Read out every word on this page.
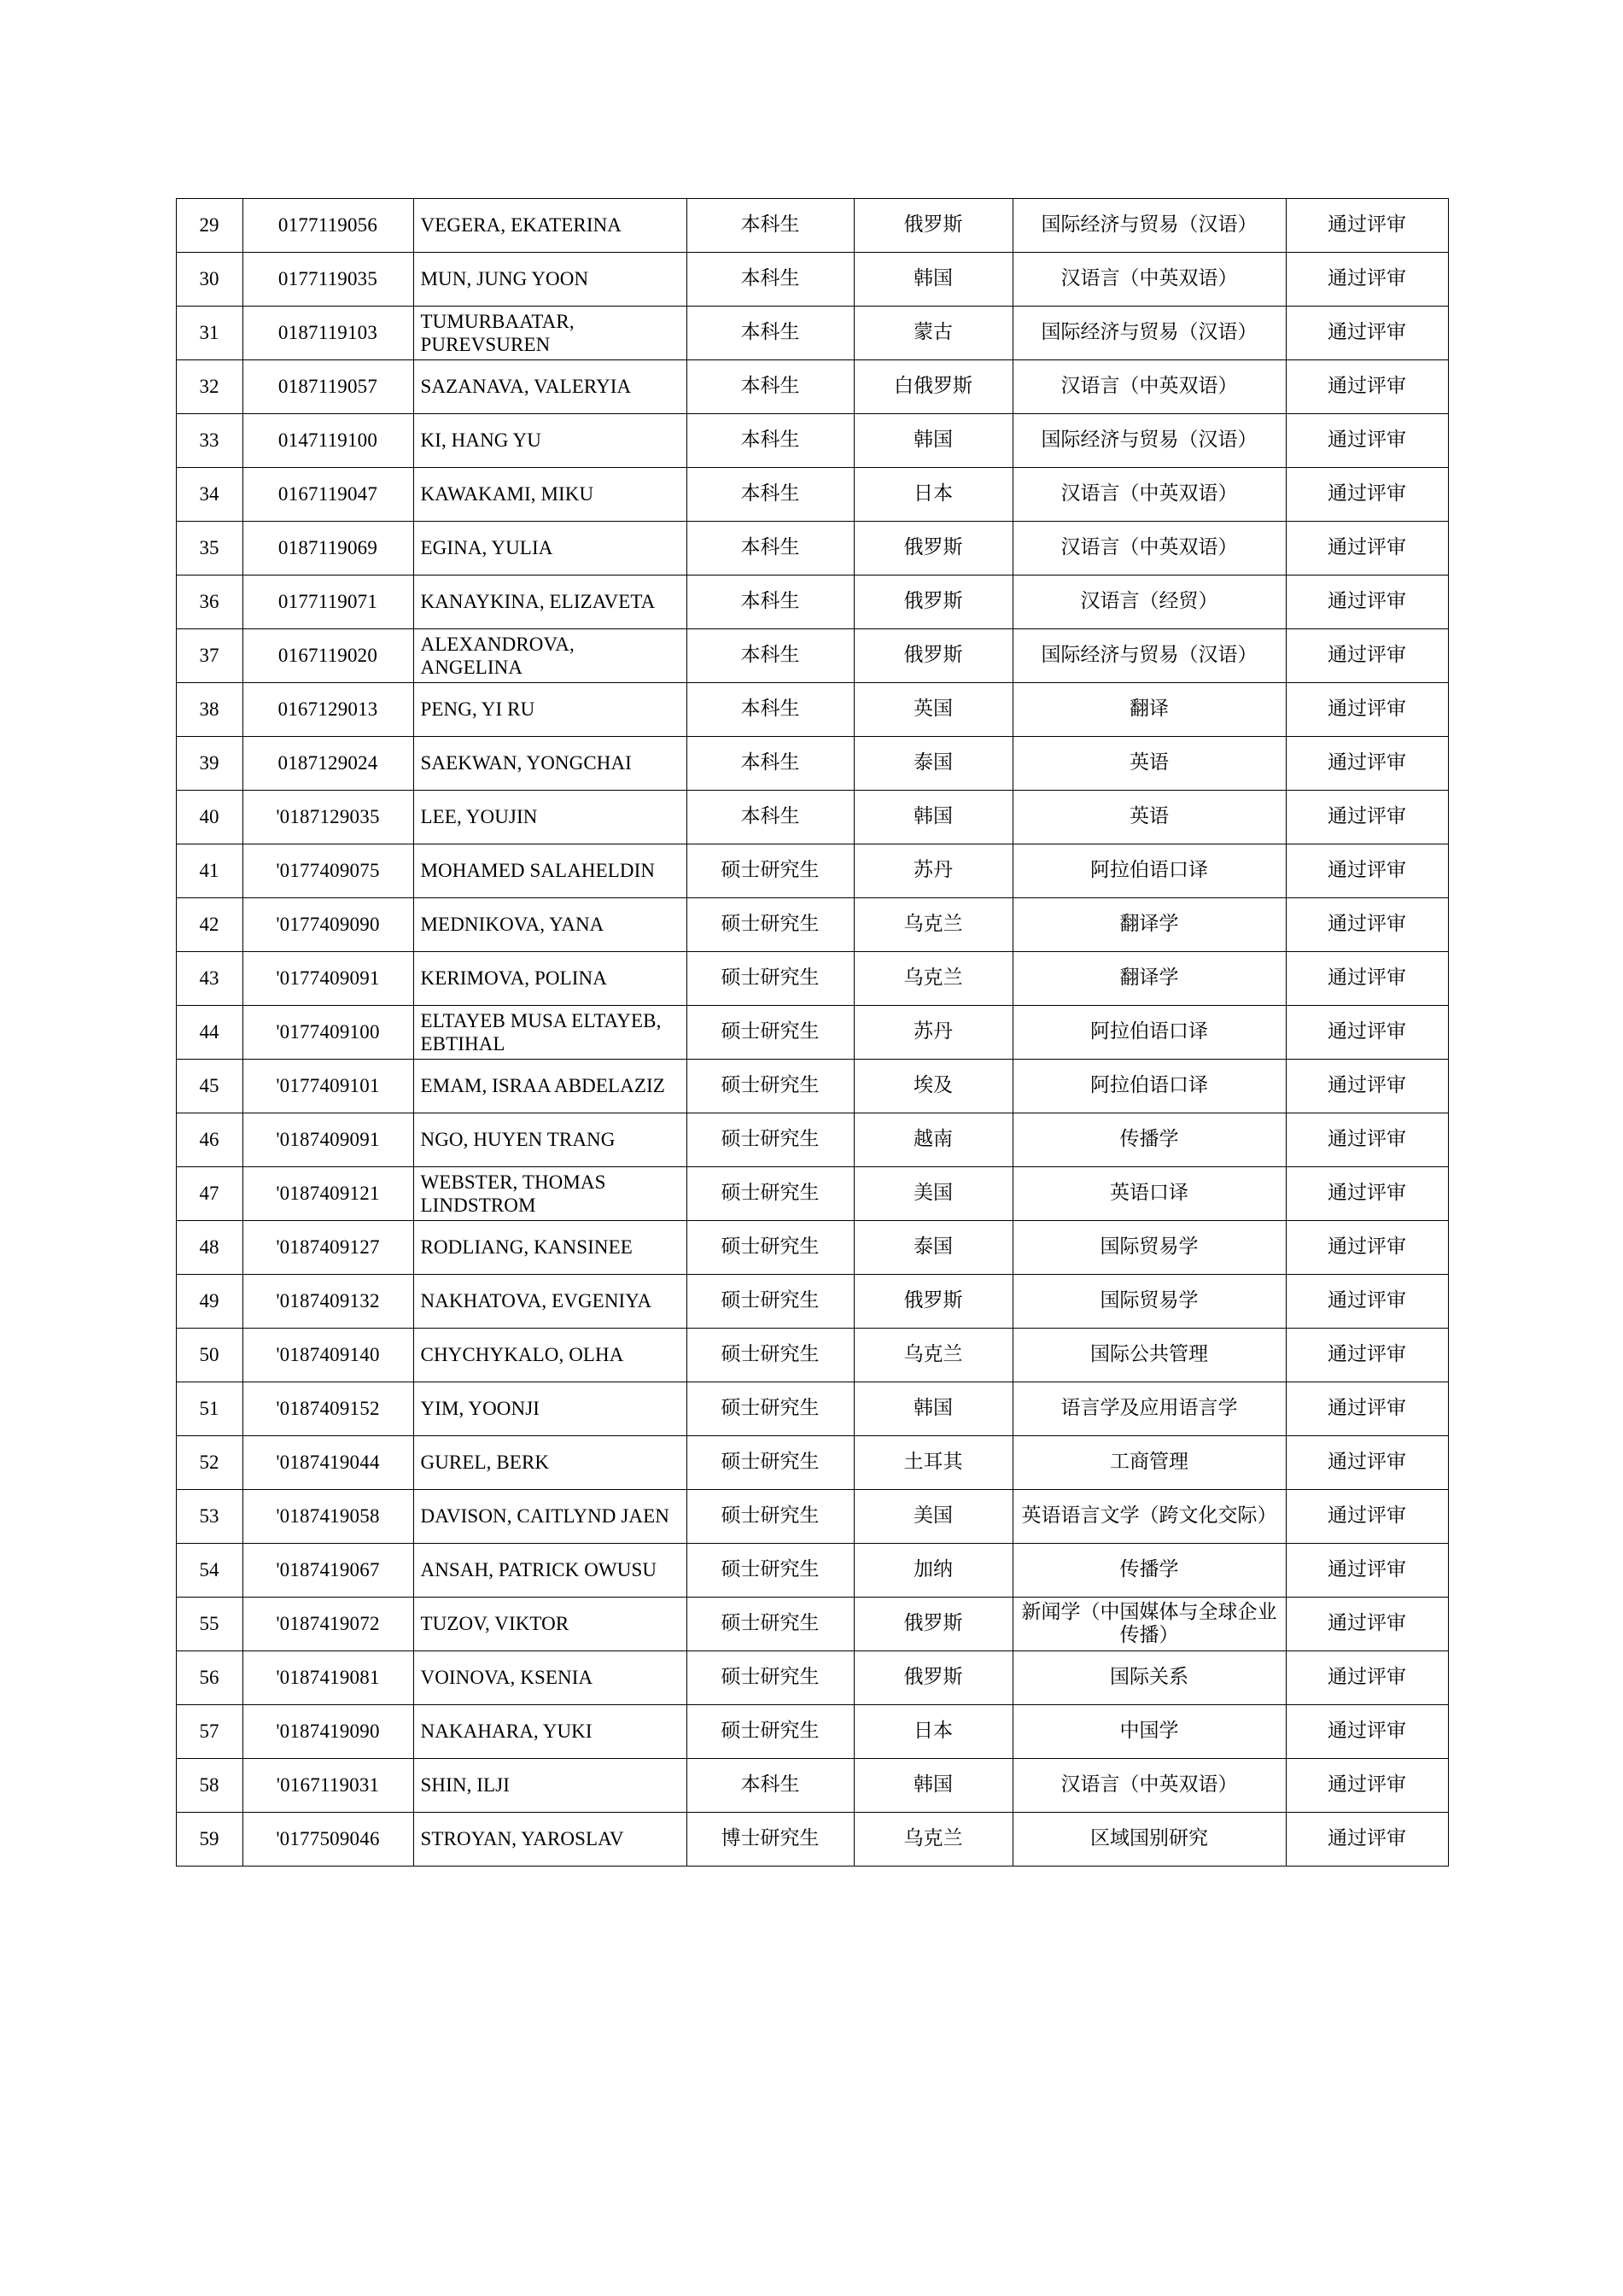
29	0177119056	VEGERA, EKATERINA	本科生	俄罗斯	国际经济与贸易（汉语）	通过评审
30	0177119035	MUN, JUNG YOON	本科生	韩国	汉语言（中英双语）	通过评审
31	0187119103	TUMURBAATAR, PUREVSUREN	本科生	蒙古	国际经济与贸易（汉语）	通过评审
32	0187119057	SAZANAVA, VALERYIA	本科生	白俄罗斯	汉语言（中英双语）	通过评审
33	0147119100	KI, HANG YU	本科生	韩国	国际经济与贸易（汉语）	通过评审
34	0167119047	KAWAKAMI, MIKU	本科生	日本	汉语言（中英双语）	通过评审
35	0187119069	EGINA, YULIA	本科生	俄罗斯	汉语言（中英双语）	通过评审
36	0177119071	KANAYKINA, ELIZAVETA	本科生	俄罗斯	汉语言（经贸）	通过评审
37	0167119020	ALEXANDROVA, ANGELINA	本科生	俄罗斯	国际经济与贸易（汉语）	通过评审
38	0167129013	PENG, YI RU	本科生	英国	翻译	通过评审
39	0187129024	SAEKWAN, YONGCHAI	本科生	泰国	英语	通过评审
40	'0187129035	LEE, YOUJIN	本科生	韩国	英语	通过评审
41	'0177409075	MOHAMED SALAHELDIN	硕士研究生	苏丹	阿拉伯语口译	通过评审
42	'0177409090	MEDNIKOVA, YANA	硕士研究生	乌克兰	翻译学	通过评审
43	'0177409091	KERIMOVA, POLINA	硕士研究生	乌克兰	翻译学	通过评审
44	'0177409100	ELTAYEB MUSA ELTAYEB, EBTIHAL	硕士研究生	苏丹	阿拉伯语口译	通过评审
45	'0177409101	EMAM, ISRAA ABDELAZIZ	硕士研究生	埃及	阿拉伯语口译	通过评审
46	'0187409091	NGO, HUYEN TRANG	硕士研究生	越南	传播学	通过评审
47	'0187409121	WEBSTER, THOMAS LINDSTROM	硕士研究生	美国	英语口译	通过评审
48	'0187409127	RODLIANG, KANSINEE	硕士研究生	泰国	国际贸易学	通过评审
49	'0187409132	NAKHATOVA, EVGENIYA	硕士研究生	俄罗斯	国际贸易学	通过评审
50	'0187409140	CHYCHYKALO, OLHA	硕士研究生	乌克兰	国际公共管理	通过评审
51	'0187409152	YIM, YOONJI	硕士研究生	韩国	语言学及应用语言学	通过评审
52	'0187419044	GUREL, BERK	硕士研究生	土耳其	工商管理	通过评审
53	'0187419058	DAVISON, CAITLYND JAEN	硕士研究生	美国	英语语言文学（跨文化交际）	通过评审
54	'0187419067	ANSAH, PATRICK OWUSU	硕士研究生	加纳	传播学	通过评审
55	'0187419072	TUZOV, VIKTOR	硕士研究生	俄罗斯	新闻学（中国媒体与全球企业传播）	通过评审
56	'0187419081	VOINOVA, KSENIA	硕士研究生	俄罗斯	国际关系	通过评审
57	'0187419090	NAKAHARA, YUKI	硕士研究生	日本	中国学	通过评审
58	'0167119031	SHIN, ILJI	本科生	韩国	汉语言（中英双语）	通过评审
59	'0177509046	STROYAN, YAROSLAV	博士研究生	乌克兰	区域国别研究	通过评审
